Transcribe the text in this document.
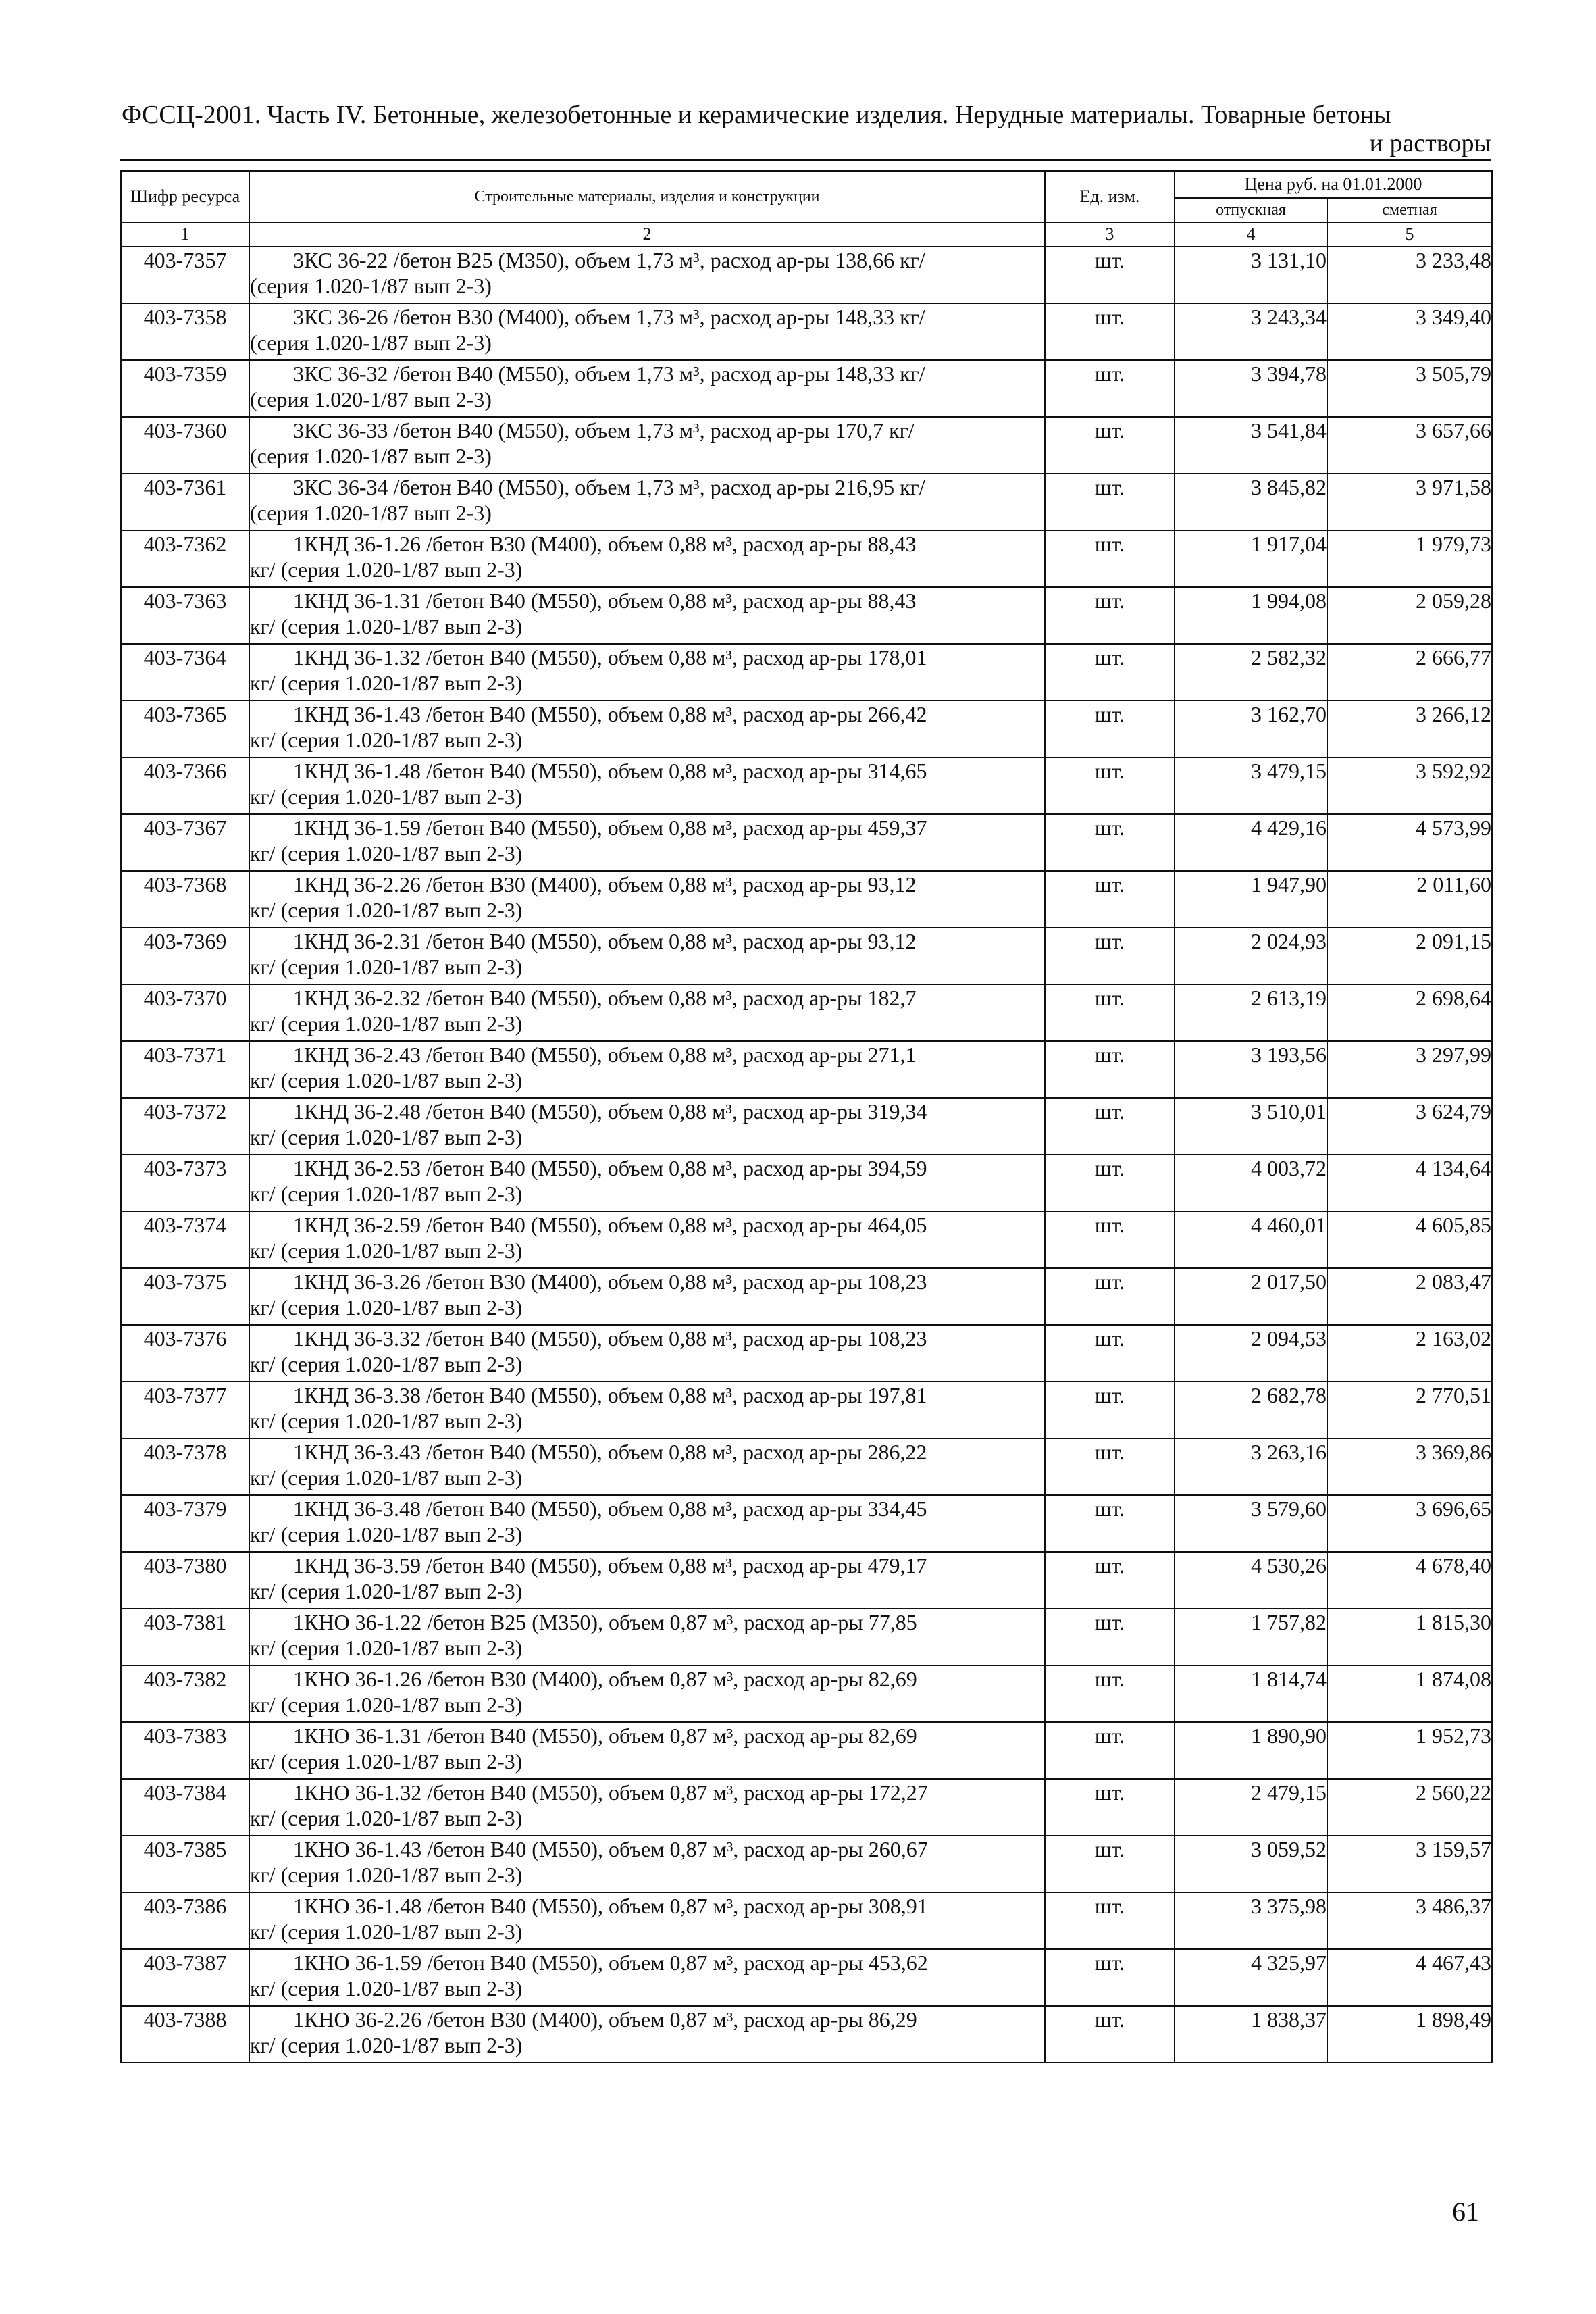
ФССЦ-2001. Часть IV. Бетонные, железобетонные и керамические изделия. Нерудные материалы. Товарные бетоны
и растворы
Шифр ресурса	Строительные материалы, изделия и конструкции	Ед. изм.	Цена руб. на 01.01.2000	
			отпускная	сметная
1	2	3	4	5
403-7357	3КС 36-22 /бетон В25 (М350), объем 1,73 м³, расход ар-ры 138,66 кг/
(серия 1.020-1/87 вып 2-3)	шт.	3 131,10	3 233,48
403-7358	3КС 36-26 /бетон В30 (М400), объем 1,73 м³, расход ар-ры 148,33 кг/
(серия 1.020-1/87 вып 2-3)	шт.	3 243,34	3 349,40
403-7359	3КС 36-32 /бетон В40 (М550), объем 1,73 м³, расход ар-ры 148,33 кг/
(серия 1.020-1/87 вып 2-3)	шт.	3 394,78	3 505,79
403-7360	3КС 36-33 /бетон В40 (М550), объем 1,73 м³, расход ар-ры 170,7 кг/
(серия 1.020-1/87 вып 2-3)	шт.	3 541,84	3 657,66
403-7361	3КС 36-34 /бетон В40 (М550), объем 1,73 м³, расход ар-ры 216,95 кг/
(серия 1.020-1/87 вып 2-3)	шт.	3 845,82	3 971,58
403-7362	1КНД 36-1.26 /бетон В30 (М400), объем 0,88 м³, расход ар-ры 88,43
кг/ (серия 1.020-1/87 вып 2-3)	шт.	1 917,04	1 979,73
403-7363	1КНД 36-1.31 /бетон В40 (М550), объем 0,88 м³, расход ар-ры 88,43
кг/ (серия 1.020-1/87 вып 2-3)	шт.	1 994,08	2 059,28
403-7364	1КНД 36-1.32 /бетон В40 (М550), объем 0,88 м³, расход ар-ры 178,01
кг/ (серия 1.020-1/87 вып 2-3)	шт.	2 582,32	2 666,77
403-7365	1КНД 36-1.43 /бетон В40 (М550), объем 0,88 м³, расход ар-ры 266,42
кг/ (серия 1.020-1/87 вып 2-3)	шт.	3 162,70	3 266,12
403-7366	1КНД 36-1.48 /бетон В40 (М550), объем 0,88 м³, расход ар-ры 314,65
кг/ (серия 1.020-1/87 вып 2-3)	шт.	3 479,15	3 592,92
403-7367	1КНД 36-1.59 /бетон В40 (М550), объем 0,88 м³, расход ар-ры 459,37
кг/ (серия 1.020-1/87 вып 2-3)	шт.	4 429,16	4 573,99
403-7368	1КНД 36-2.26 /бетон В30 (М400), объем 0,88 м³, расход ар-ры 93,12
кг/ (серия 1.020-1/87 вып 2-3)	шт.	1 947,90	2 011,60
403-7369	1КНД 36-2.31 /бетон В40 (М550), объем 0,88 м³, расход ар-ры 93,12
кг/ (серия 1.020-1/87 вып 2-3)	шт.	2 024,93	2 091,15
403-7370	1КНД 36-2.32 /бетон В40 (М550), объем 0,88 м³, расход ар-ры 182,7
кг/ (серия 1.020-1/87 вып 2-3)	шт.	2 613,19	2 698,64
403-7371	1КНД 36-2.43 /бетон В40 (М550), объем 0,88 м³, расход ар-ры 271,1
кг/ (серия 1.020-1/87 вып 2-3)	шт.	3 193,56	3 297,99
403-7372	1КНД 36-2.48 /бетон В40 (М550), объем 0,88 м³, расход ар-ры 319,34
кг/ (серия 1.020-1/87 вып 2-3)	шт.	3 510,01	3 624,79
403-7373	1КНД 36-2.53 /бетон В40 (М550), объем 0,88 м³, расход ар-ры 394,59
кг/ (серия 1.020-1/87 вып 2-3)	шт.	4 003,72	4 134,64
403-7374	1КНД 36-2.59 /бетон В40 (М550), объем 0,88 м³, расход ар-ры 464,05
кг/ (серия 1.020-1/87 вып 2-3)	шт.	4 460,01	4 605,85
403-7375	1КНД 36-3.26 /бетон В30 (М400), объем 0,88 м³, расход ар-ры 108,23
кг/ (серия 1.020-1/87 вып 2-3)	шт.	2 017,50	2 083,47
403-7376	1КНД 36-3.32 /бетон В40 (М550), объем 0,88 м³, расход ар-ры 108,23
кг/ (серия 1.020-1/87 вып 2-3)	шт.	2 094,53	2 163,02
403-7377	1КНД 36-3.38 /бетон В40 (М550), объем 0,88 м³, расход ар-ры 197,81
кг/ (серия 1.020-1/87 вып 2-3)	шт.	2 682,78	2 770,51
403-7378	1КНД 36-3.43 /бетон В40 (М550), объем 0,88 м³, расход ар-ры 286,22
кг/ (серия 1.020-1/87 вып 2-3)	шт.	3 263,16	3 369,86
403-7379	1КНД 36-3.48 /бетон В40 (М550), объем 0,88 м³, расход ар-ры 334,45
кг/ (серия 1.020-1/87 вып 2-3)	шт.	3 579,60	3 696,65
403-7380	1КНД 36-3.59 /бетон В40 (М550), объем 0,88 м³, расход ар-ры 479,17
кг/ (серия 1.020-1/87 вып 2-3)	шт.	4 530,26	4 678,40
403-7381	1КНО 36-1.22 /бетон В25 (М350), объем 0,87 м³, расход ар-ры 77,85
кг/ (серия 1.020-1/87 вып 2-3)	шт.	1 757,82	1 815,30
403-7382	1КНО 36-1.26 /бетон В30 (М400), объем 0,87 м³, расход ар-ры 82,69
кг/ (серия 1.020-1/87 вып 2-3)	шт.	1 814,74	1 874,08
403-7383	1КНО 36-1.31 /бетон В40 (М550), объем 0,87 м³, расход ар-ры 82,69
кг/ (серия 1.020-1/87 вып 2-3)	шт.	1 890,90	1 952,73
403-7384	1КНО 36-1.32 /бетон В40 (М550), объем 0,87 м³, расход ар-ры 172,27
кг/ (серия 1.020-1/87 вып 2-3)	шт.	2 479,15	2 560,22
403-7385	1КНО 36-1.43 /бетон В40 (М550), объем 0,87 м³, расход ар-ры 260,67
кг/ (серия 1.020-1/87 вып 2-3)	шт.	3 059,52	3 159,57
403-7386	1КНО 36-1.48 /бетон В40 (М550), объем 0,87 м³, расход ар-ры 308,91
кг/ (серия 1.020-1/87 вып 2-3)	шт.	3 375,98	3 486,37
403-7387	1КНО 36-1.59 /бетон В40 (М550), объем 0,87 м³, расход ар-ры 453,62
кг/ (серия 1.020-1/87 вып 2-3)	шт.	4 325,97	4 467,43
403-7388	1КНО 36-2.26 /бетон В30 (М400), объем 0,87 м³, расход ар-ры 86,29
кг/ (серия 1.020-1/87 вып 2-3)	шт.	1 838,37	1 898,49
61
